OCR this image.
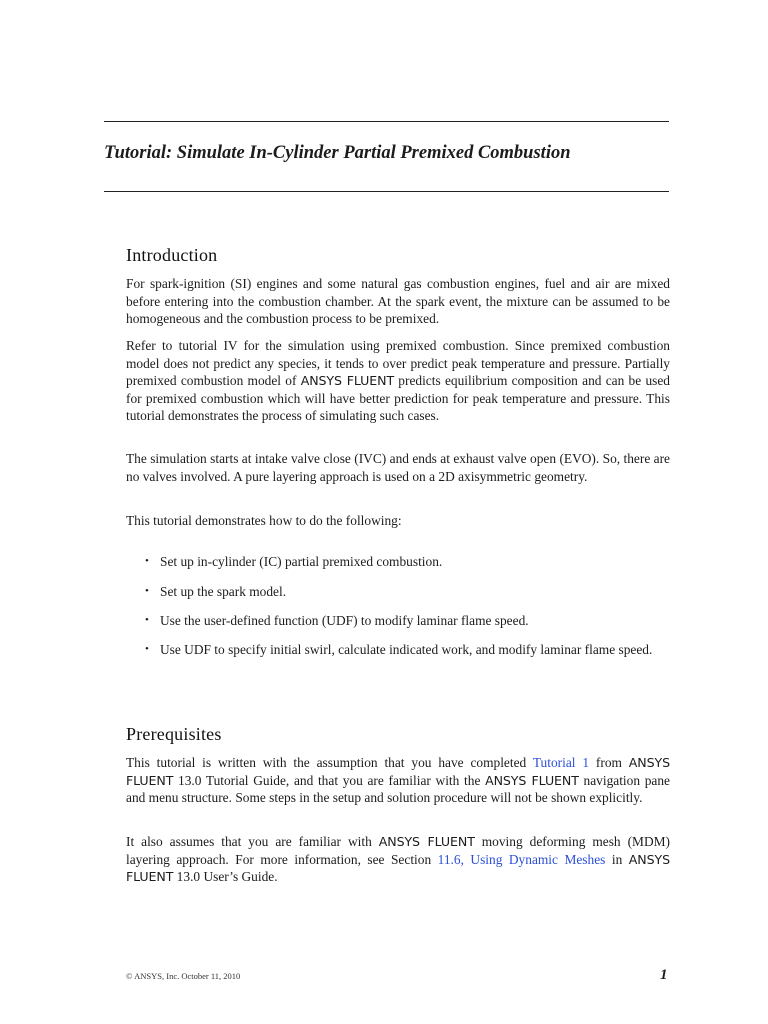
Tutorial: Simulate In-Cylinder Partial Premixed Combustion
Introduction

For spark-ignition (SI) engines and some natural gas combustion engines, fuel and air are mixed before entering into the combustion chamber. At the spark event, the mixture can be assumed to be homogeneous and the combustion process to be premixed.

Refer to tutorial IV for the simulation using premixed combustion. Since premixed combustion model does not predict any species, it tends to over predict peak temperature and pressure. Partially premixed combustion model of ANSYS FLUENT predicts equilibrium composition and can be used for premixed combustion which will have better prediction for peak temperature and pressure. This tutorial demonstrates the process of simulating such cases.

The simulation starts at intake valve close (IVC) and ends at exhaust valve open (EVO). So, there are no valves involved. A pure layering approach is used on a 2D axisymmetric geometry.

This tutorial demonstrates how to do the following:

• Set up in-cylinder (IC) partial premixed combustion.
• Set up the spark model.
• Use the user-defined function (UDF) to modify laminar flame speed.
• Use UDF to specify initial swirl, calculate indicated work, and modify laminar flame speed.
Prerequisites

This tutorial is written with the assumption that you have completed Tutorial 1 from ANSYS FLUENT 13.0 Tutorial Guide, and that you are familiar with the ANSYS FLUENT navigation pane and menu structure. Some steps in the setup and solution procedure will not be shown explicitly.

It also assumes that you are familiar with ANSYS FLUENT moving deforming mesh (MDM) layering approach. For more information, see Section 11.6, Using Dynamic Meshes in ANSYS FLUENT 13.0 User’s Guide.

© ANSYS, Inc. October 11, 2010	1
